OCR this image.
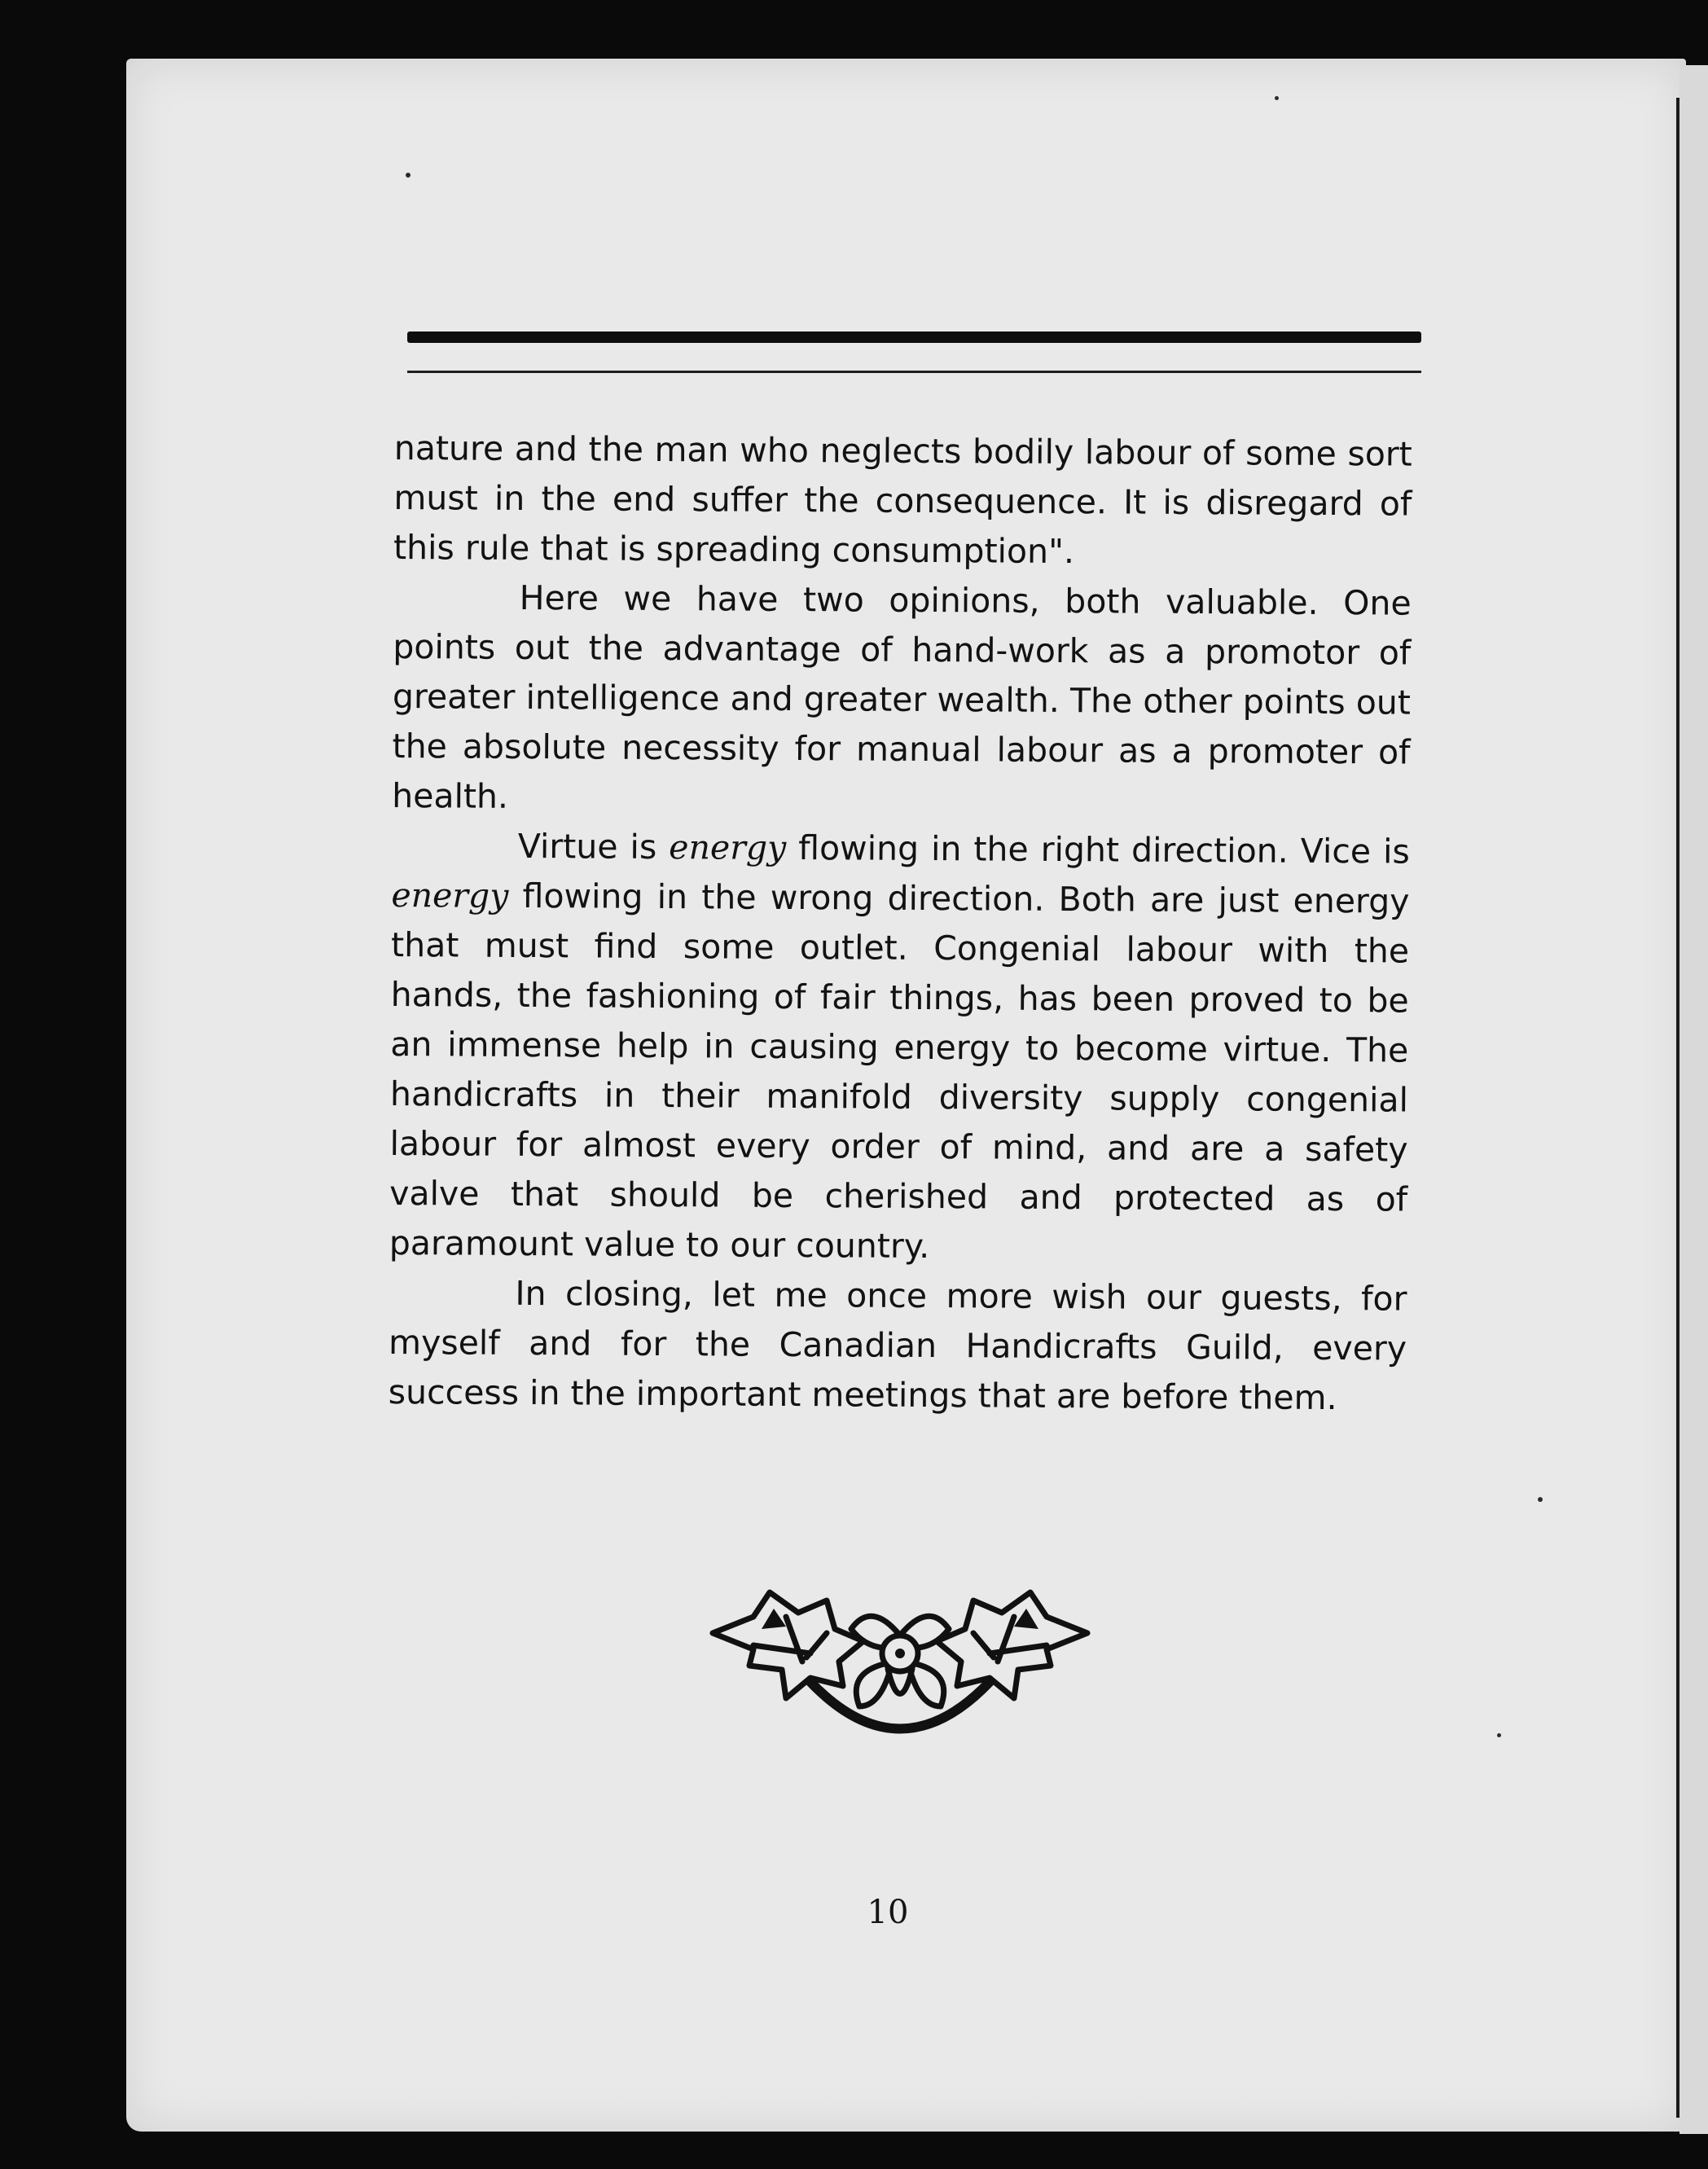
nature and the man who neglects bodily labour of some sort must in the end suffer the consequence. It is disregard of this rule that is spreading consumption".

Here we have two opinions, both valuable. One points out the advantage of hand-work as a promotor of greater intelligence and greater wealth. The other points out the absolute necessity for manual labour as a promoter of health.

Virtue is energy flowing in the right direction. Vice is energy flowing in the wrong direction. Both are just energy that must find some outlet. Congenial labour with the hands, the fashioning of fair things, has been proved to be an immense help in causing energy to become virtue. The handicrafts in their manifold diversity supply congenial labour for almost every order of mind, and are a safety valve that should be cherished and protected as of paramount value to our country.

In closing, let me once more wish our guests, for myself and for the Canadian Handicrafts Guild, every success in the important meetings that are before them.

10
